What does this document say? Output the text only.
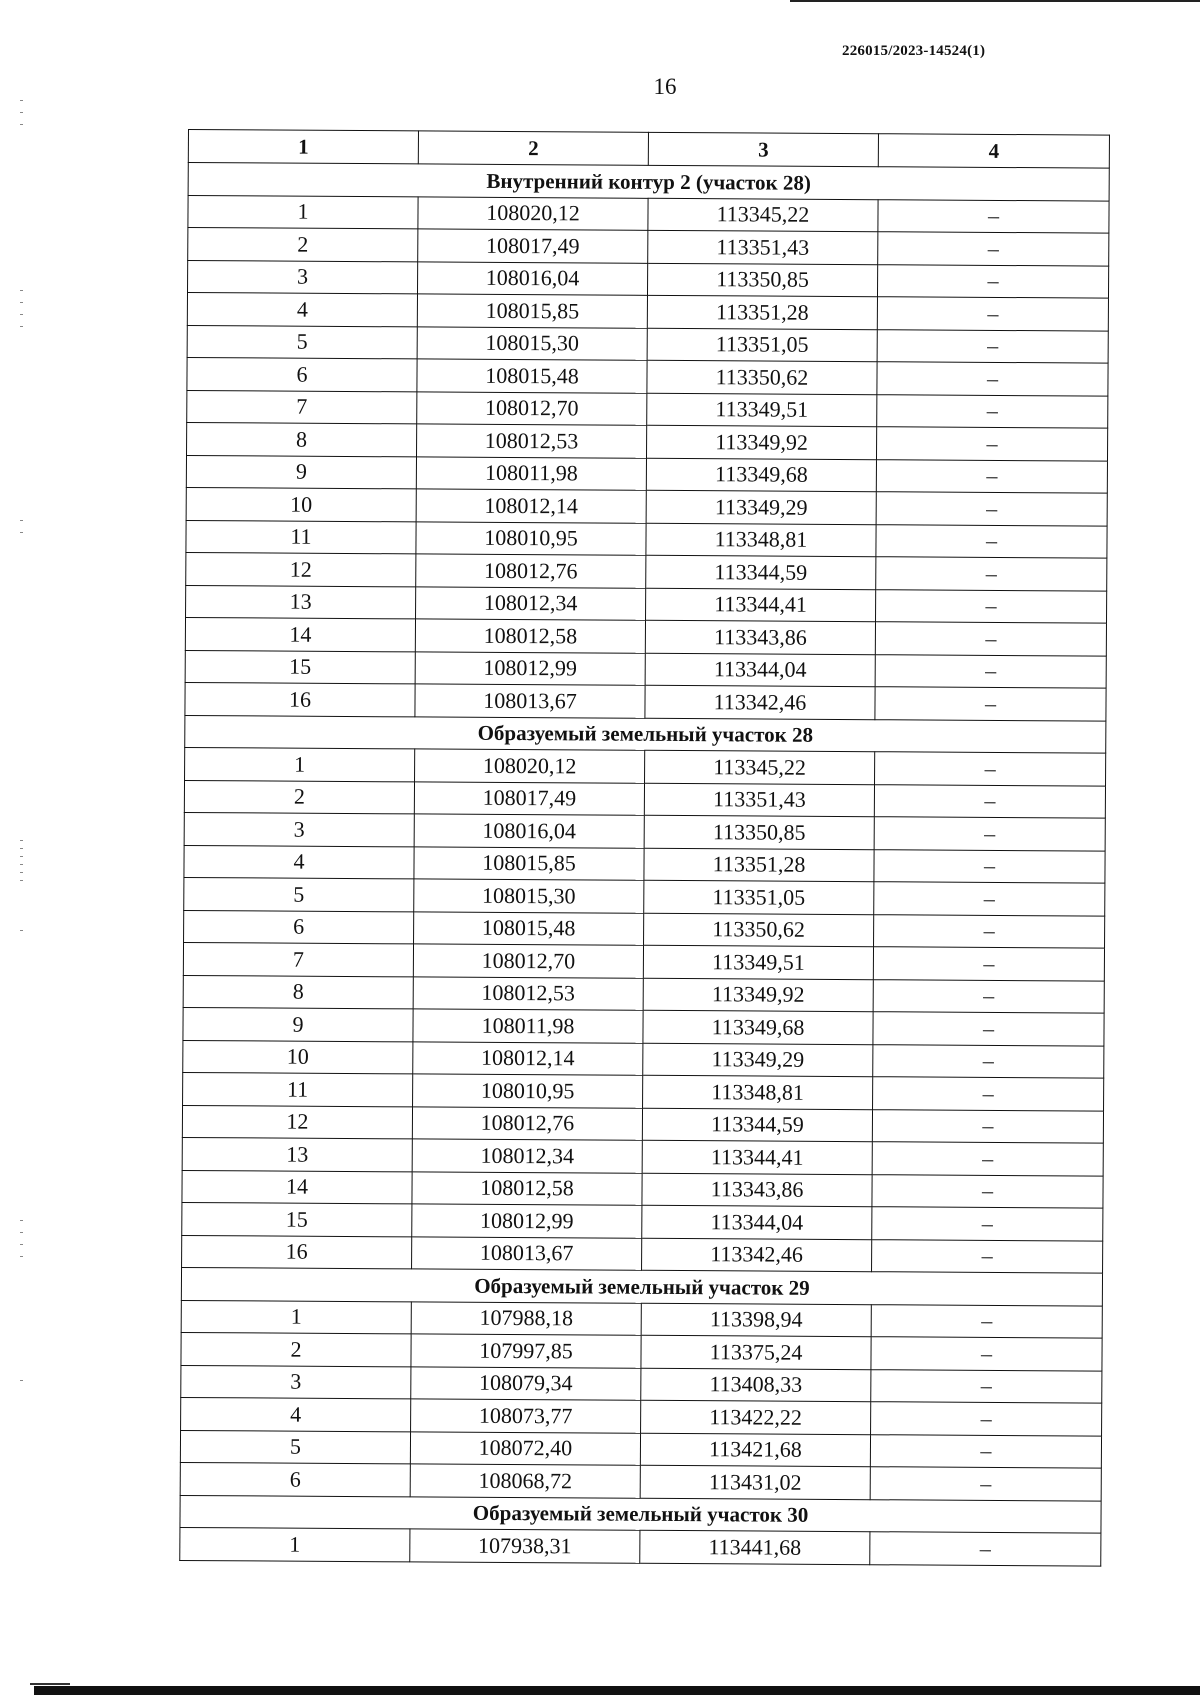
226015/2023-14524(1)
16
1	2	3	4
Внутренний контур 2 (участок 28)			
1	108020,12	113345,22	–
2	108017,49	113351,43	–
3	108016,04	113350,85	–
4	108015,85	113351,28	–
5	108015,30	113351,05	–
6	108015,48	113350,62	–
7	108012,70	113349,51	–
8	108012,53	113349,92	–
9	108011,98	113349,68	–
10	108012,14	113349,29	–
11	108010,95	113348,81	–
12	108012,76	113344,59	–
13	108012,34	113344,41	–
14	108012,58	113343,86	–
15	108012,99	113344,04	–
16	108013,67	113342,46	–
Образуемый земельный участок 28			
1	108020,12	113345,22	–
2	108017,49	113351,43	–
3	108016,04	113350,85	–
4	108015,85	113351,28	–
5	108015,30	113351,05	–
6	108015,48	113350,62	–
7	108012,70	113349,51	–
8	108012,53	113349,92	–
9	108011,98	113349,68	–
10	108012,14	113349,29	–
11	108010,95	113348,81	–
12	108012,76	113344,59	–
13	108012,34	113344,41	–
14	108012,58	113343,86	–
15	108012,99	113344,04	–
16	108013,67	113342,46	–
Образуемый земельный участок 29			
1	107988,18	113398,94	–
2	107997,85	113375,24	–
3	108079,34	113408,33	–
4	108073,77	113422,22	–
5	108072,40	113421,68	–
6	108068,72	113431,02	–
Образуемый земельный участок 30			
1	107938,31	113441,68	–
